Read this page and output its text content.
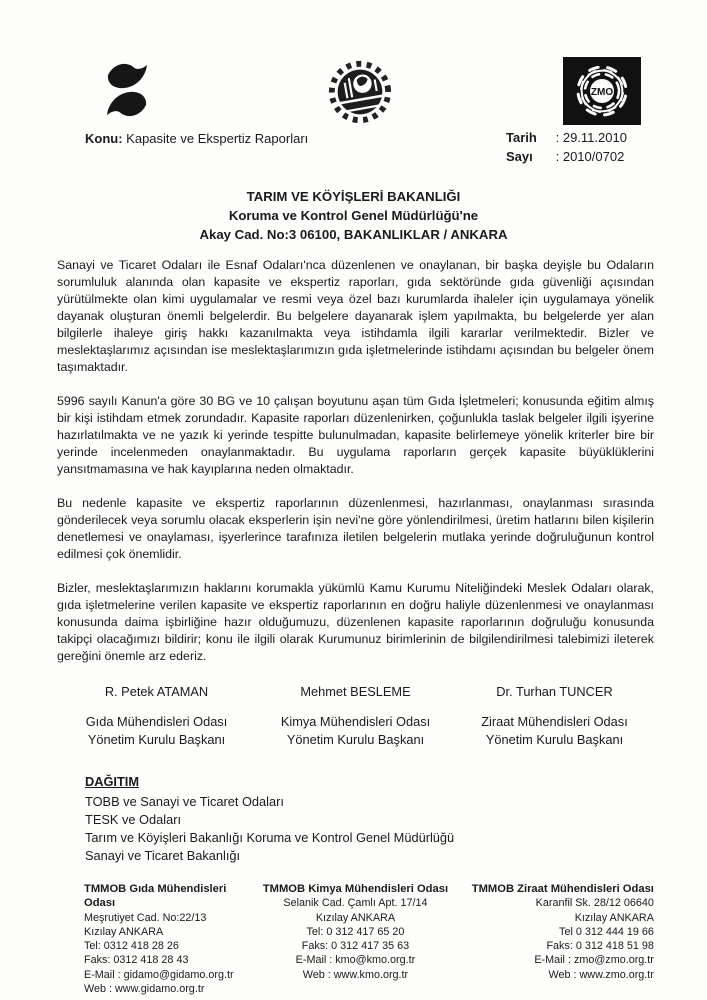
ZMO
Konu: Kapasite ve Ekspertiz Raporları	Tarih : 29.11.2010
Sayı : 2010/0702
TARIM VE KÖYİŞLERİ BAKANLIĞI
Koruma ve Kontrol Genel Müdürlüğü'ne
Akay Cad. No:3 06100, BAKANLIKLAR / ANKARA

Sanayi ve Ticaret Odaları ile Esnaf Odaları'nca düzenlenen ve onaylanan, bir başka deyişle bu Odaların sorumluluk alanında olan kapasite ve ekspertiz raporları, gıda sektöründe gıda güvenliği açısından yürütülmekte olan kimi uygulamalar ve resmi veya özel bazı kurumlarda ihaleler için uygulamaya yönelik dayanak oluşturan önemli belgelerdir. Bu belgelere dayanarak işlem yapılmakta, bu belgelerde yer alan bilgilerle ihaleye giriş hakkı kazanılmakta veya istihdamla ilgili kararlar verilmektedir. Bizler ve meslektaşlarımız açısından ise meslektaşlarımızın gıda işletmelerinde istihdamı açısından bu belgeler önem taşımaktadır.

5996 sayılı Kanun'a göre 30 BG ve 10 çalışan boyutunu aşan tüm Gıda İşletmeleri; konusunda eğitim almış bir kişi istihdam etmek zorundadır. Kapasite raporları düzenlenirken, çoğunlukla taslak belgeler ilgili işyerine hazırlatılmakta ve ne yazık ki yerinde tespitte bulunulmadan, kapasite belirlemeye yönelik kriterler bire bir yerinde incelenmeden onaylanmaktadır. Bu uygulama raporların gerçek kapasite büyüklüklerini yansıtmamasına ve hak kayıplarına neden olmaktadır.

Bu nedenle kapasite ve ekspertiz raporlarının düzenlenmesi, hazırlanması, onaylanması sırasında gönderilecek veya sorumlu olacak eksperlerin işin nevi'ne göre yönlendirilmesi, üretim hatlarını bilen kişilerin denetlemesi ve onaylaması, işyerlerince tarafınıza iletilen belgelerin mutlaka yerinde doğruluğunun kontrol edilmesi çok önemlidir.

Bizler, meslektaşlarımızın haklarını korumakla yükümlü Kamu Kurumu Niteliğindeki Meslek Odaları olarak, gıda işletmelerine verilen kapasite ve ekspertiz raporlarının en doğru haliyle düzenlenmesi ve onaylanması konusunda daima işbirliğine hazır olduğumuzu, düzenlenen kapasite raporlarının doğruluğu konusunda takipçi olacağımızı bildirir; konu ile ilgili olarak Kurumunuz birimlerinin de bilgilendirilmesi talebimizi ileterek gereğini önemle arz ederiz.

R. Petek ATAMAN
Gıda Mühendisleri Odası
Yönetim Kurulu Başkanı
Mehmet BESLEME
Kimya Mühendisleri Odası
Yönetim Kurulu Başkanı
Dr. Turhan TUNCER
Ziraat Mühendisleri Odası
Yönetim Kurulu Başkanı
DAĞITIM
TOBB ve Sanayi ve Ticaret Odaları
TESK ve Odaları
Tarım ve Köyişleri Bakanlığı Koruma ve Kontrol Genel Müdürlüğü
Sanayi ve Ticaret Bakanlığı
TMMOB Gıda Mühendisleri Odası
Meşrutiyet Cad. No:22/13
Kızılay ANKARA
Tel: 0312 418 28 26
Faks: 0312 418 28 43
E-Mail : gidamo@gidamo.org.tr
Web : www.gidamo.org.tr
TMMOB Kimya Mühendisleri Odası
Selanik Cad. Çamlı Apt. 17/14
Kızılay ANKARA
Tel: 0 312 417 65 20
Faks: 0 312 417 35 63
E-Mail : kmo@kmo.org.tr
Web : www.kmo.org.tr
TMMOB Ziraat Mühendisleri Odası
Karanfil Sk. 28/12 06640
Kızılay ANKARA
Tel 0 312 444 19 66
Faks: 0 312 418 51 98
E-Mail : zmo@zmo.org.tr
Web : www.zmo.org.tr
